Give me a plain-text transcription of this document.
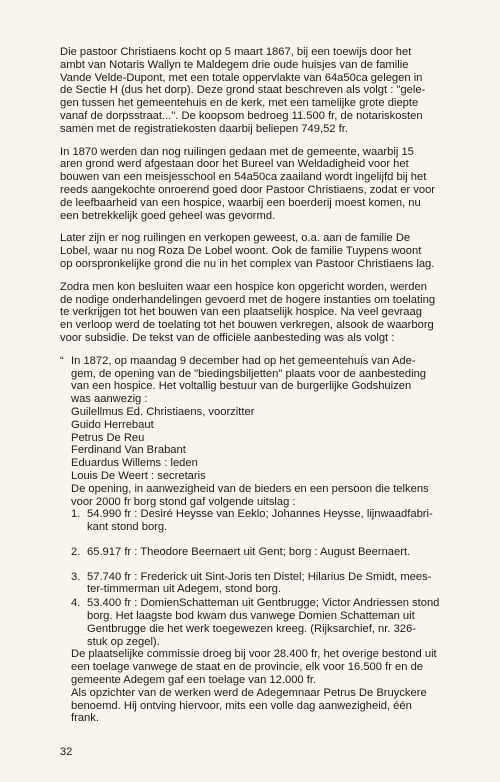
Die pastoor Christiaens kocht op 5 maart 1867, bij een toewijs door het
ambt van Notaris Wallyn te Maldegem drie oude huisjes van de familie
Vande Velde-Dupont, met een totale oppervlakte van 64a50ca gelegen in
de Sectie H (dus het dorp). Deze grond staat beschreven als volgt : "gele-
gen tussen het gemeentehuis en de kerk, met een tamelijke grote diepte
vanaf de dorpsstraat...". De koopsom bedroeg 11.500 fr, de notariskosten
samen met de registratiekosten daarbij beliepen 749,52 fr.

In 1870 werden dan nog ruilingen gedaan met de gemeente, waarbij 15
aren grond werd afgestaan door het Bureel van Weldadigheid voor het
bouwen van een meisjesschool en 54a50ca zaailand wordt ingelijfd bij het
reeds aangekochte onroerend goed door Pastoor Christiaens, zodat er voor
de leefbaarheid van een hospice, waarbij een boerderij moest komen, nu
een betrekkelijk goed geheel was gevormd.

Later zijn er nog ruilingen en verkopen geweest, o.a. aan de familie De
Lobel, waar nu nog Roza De Lobel woont. Ook de familie Tuypens woont
op oorspronkelijke grond die nu in het complex van Pastoor Christiaens lag.

Zodra men kon besluiten waar een hospice kon opgericht worden, werden
de nodige onderhandelingen gevoerd met de hogere instanties om toelating
te verkrijgen tot het bouwen van een plaatselijk hospice. Na veel gevraag
en verloop werd de toelating tot het bouwen verkregen, alsook de waarborg
voor subsidie. De tekst van de officiële aanbesteding was als volgt :

“ In 1872, op maandag 9 december had op het gemeentehuis van Ade-
gem, de opening van de "biedingsbiljetten" plaats voor de aanbesteding
van een hospice. Het voltallig bestuur van de burgerlijke Godshuizen
was aanwezig :
Guilellmus Ed. Christiaens, voorzitter
Guido Herrebaut
Petrus De Reu
Ferdinand Van Brabant
Eduardus Willems : leden
Louis De Weert : secretaris
De opening, in aanwezigheid van de bieders en een persoon die telkens
voor 2000 fr borg stond gaf volgende uitslag :
1. 54.990 fr : Desiré Heysse van Eeklo; Johannes Heysse, lijnwaadfabri-
kant stond borg.
2. 65.917 fr : Theodore Beernaert uit Gent; borg : August Beernaert.
3. 57.740 fr : Frederick uit Sint-Joris ten Distel; Hilarius De Smidt, mees-
ter-timmerman uit Adegem, stond borg.
4. 53.400 fr : DomienSchatteman uit Gentbrugge; Victor Andriessen stond
borg. Het laagste bod kwam dus vanwege Domien Schatteman uit
Gentbrugge die het werk toegewezen kreeg. (Rijksarchief, nr. 326-
stuk op zegel).
De plaatselijke commissie droeg bij voor 28.400 fr, het overige bestond uit
een toelage vanwege de staat en de provincie, elk voor 16.500 fr en de
gemeente Adegem gaf een toelage van 12.000 fr.
Als opzichter van de werken werd de Adegemnaar Petrus De Bruyckere
benoemd. Hij ontving hiervoor, mits een volle dag aanwezigheid, één
frank.
32
